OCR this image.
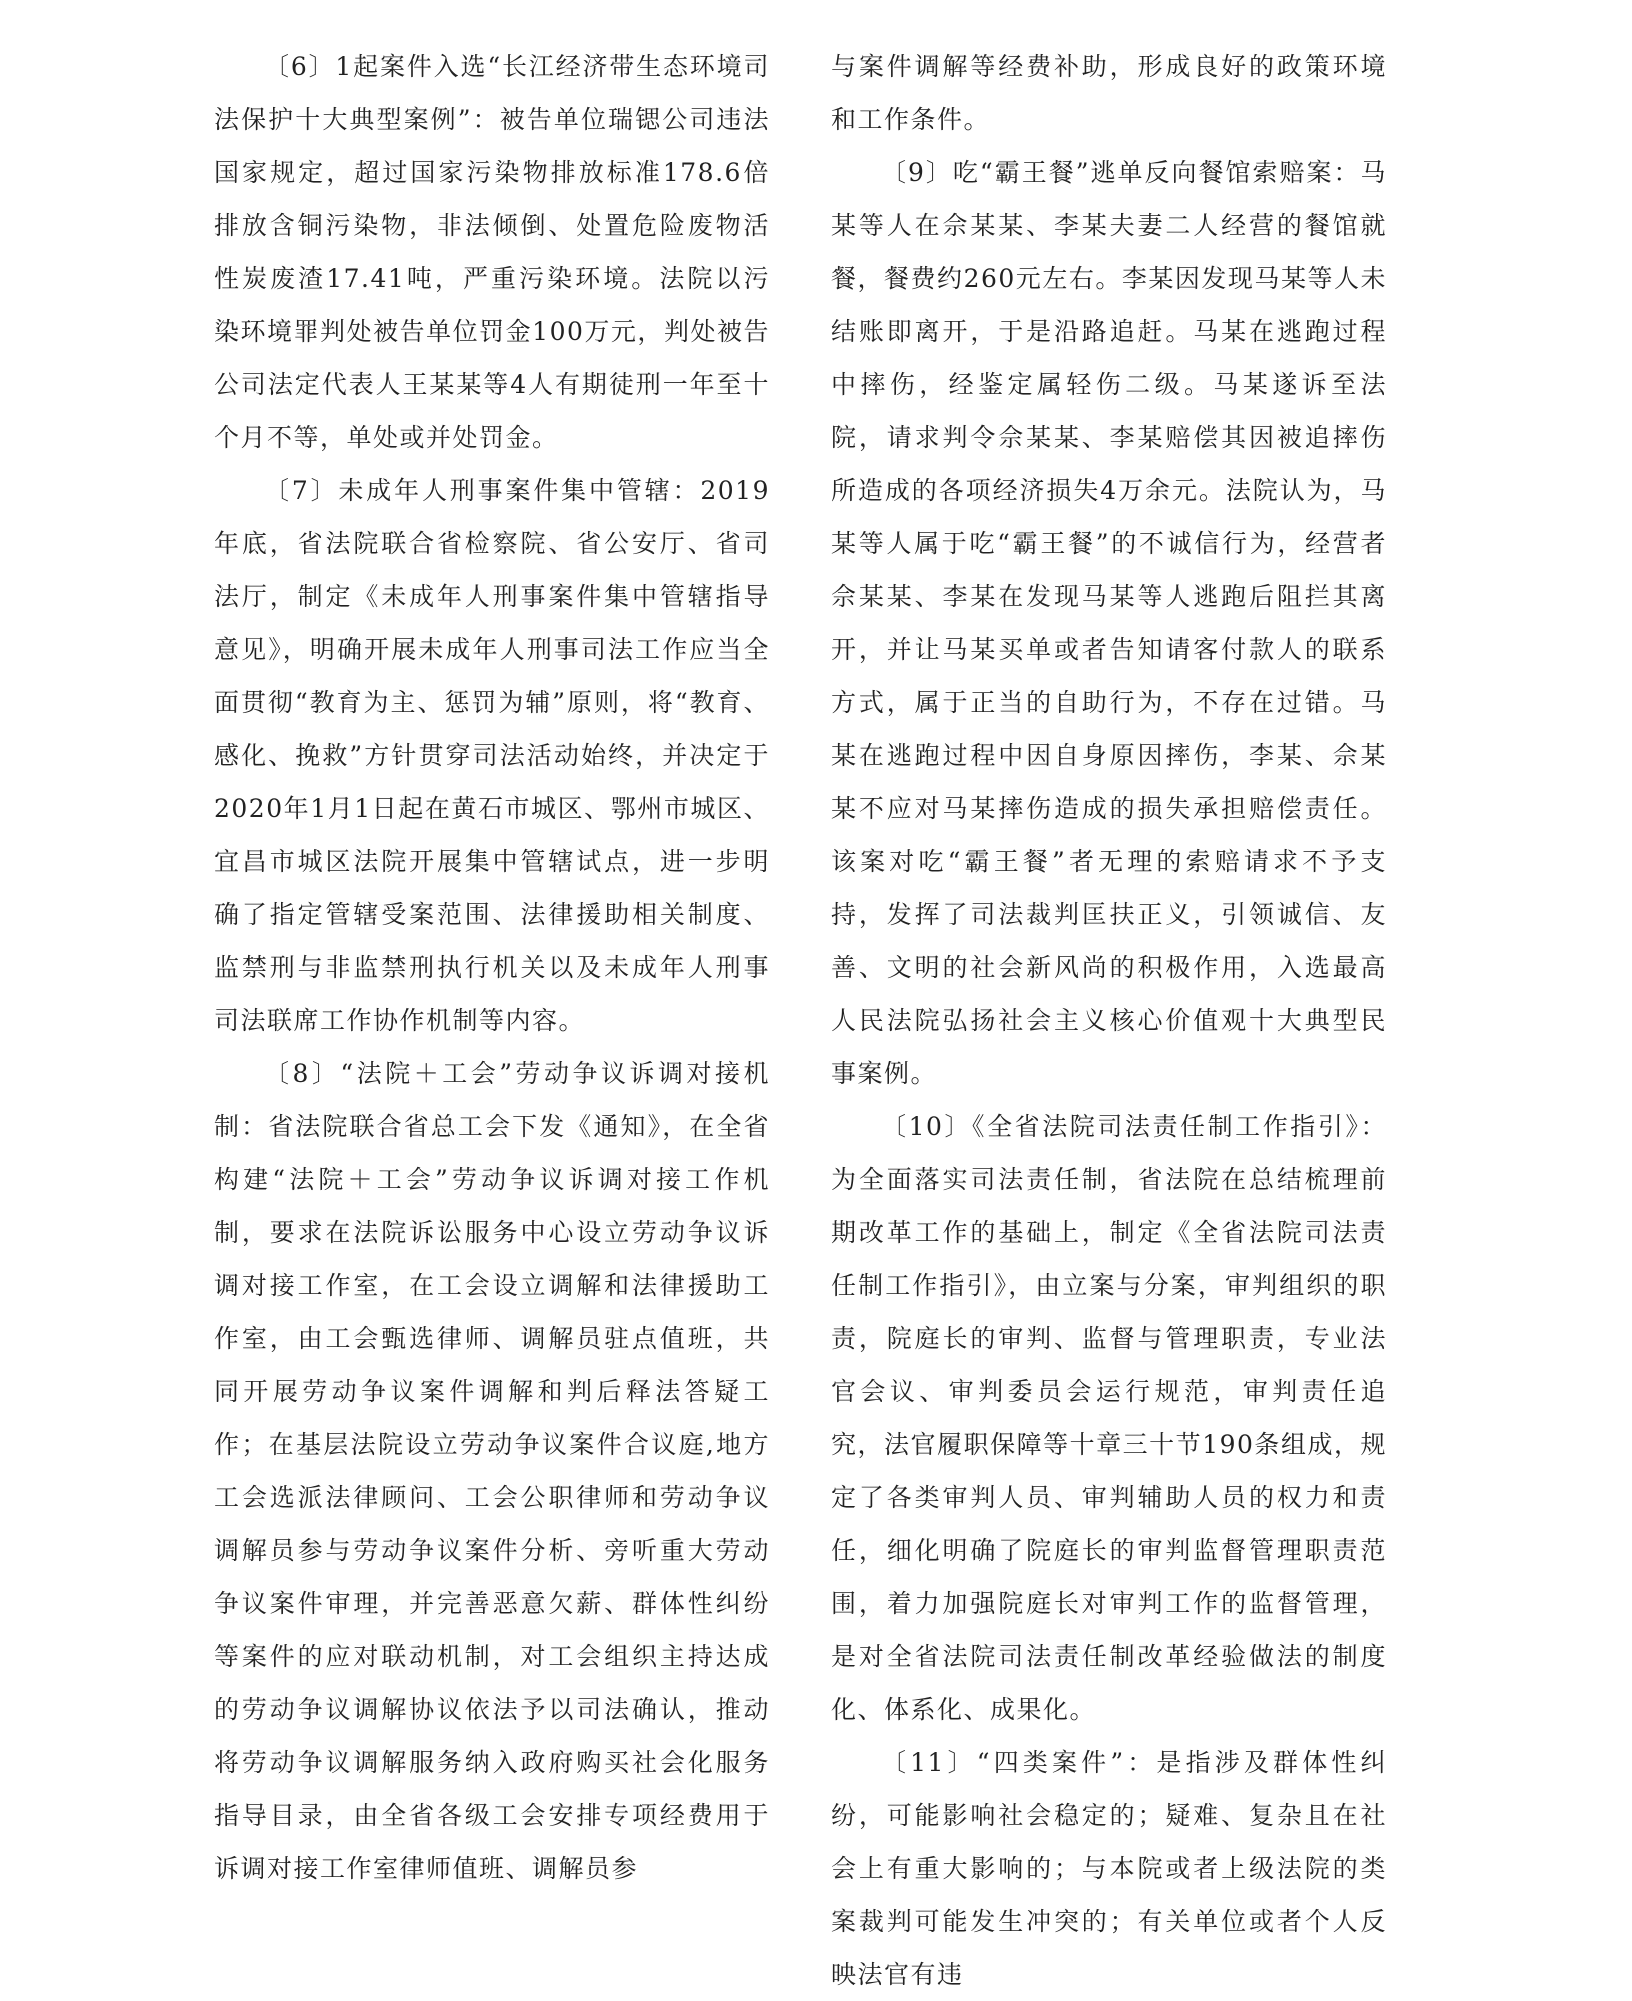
〔6〕1起案件入选“长江经济带生态环境司法保护十大典型案例”：被告单位瑞锶公司违法国家规定，超过国家污染物排放标准178.6倍排放含铜污染物，非法倾倒、处置危险废物活性炭废渣17.41吨，严重污染环境。法院以污染环境罪判处被告单位罚金100万元，判处被告公司法定代表人王某某等4人有期徒刑一年至十个月不等，单处或并处罚金。

〔7〕未成年人刑事案件集中管辖：2019年底，省法院联合省检察院、省公安厅、省司法厅，制定《未成年人刑事案件集中管辖指导意见》，明确开展未成年人刑事司法工作应当全面贯彻“教育为主、惩罚为辅”原则，将“教育、感化、挽救”方针贯穿司法活动始终，并决定于2020年1月1日起在黄石市城区、鄂州市城区、宜昌市城区法院开展集中管辖试点，进一步明确了指定管辖受案范围、法律援助相关制度、监禁刑与非监禁刑执行机关以及未成年人刑事司法联席工作协作机制等内容。

〔8〕“法院＋工会”劳动争议诉调对接机制：省法院联合省总工会下发《通知》，在全省构建“法院＋工会”劳动争议诉调对接工作机制，要求在法院诉讼服务中心设立劳动争议诉调对接工作室，在工会设立调解和法律援助工作室，由工会甄选律师、调解员驻点值班，共同开展劳动争议案件调解和判后释法答疑工作；在基层法院设立劳动争议案件合议庭,地方工会选派法律顾问、工会公职律师和劳动争议调解员参与劳动争议案件分析、旁听重大劳动争议案件审理，并完善恶意欠薪、群体性纠纷等案件的应对联动机制，对工会组织主持达成的劳动争议调解协议依法予以司法确认，推动将劳动争议调解服务纳入政府购买社会化服务指导目录，由全省各级工会安排专项经费用于诉调对接工作室律师值班、调解员参

与案件调解等经费补助，形成良好的政策环境和工作条件。

〔9〕吃“霸王餐”逃单反向餐馆索赔案：马某等人在佘某某、李某夫妻二人经营的餐馆就餐，餐费约260元左右。李某因发现马某等人未结账即离开，于是沿路追赶。马某在逃跑过程中摔伤，经鉴定属轻伤二级。马某遂诉至法院，请求判令佘某某、李某赔偿其因被追摔伤所造成的各项经济损失4万余元。法院认为，马某等人属于吃“霸王餐”的不诚信行为，经营者佘某某、李某在发现马某等人逃跑后阻拦其离开，并让马某买单或者告知请客付款人的联系方式，属于正当的自助行为，不存在过错。马某在逃跑过程中因自身原因摔伤，李某、佘某某不应对马某摔伤造成的损失承担赔偿责任。该案对吃“霸王餐”者无理的索赔请求不予支持，发挥了司法裁判匡扶正义，引领诚信、友善、文明的社会新风尚的积极作用，入选最高人民法院弘扬社会主义核心价值观十大典型民事案例。

〔10〕《全省法院司法责任制工作指引》：为全面落实司法责任制，省法院在总结梳理前期改革工作的基础上，制定《全省法院司法责任制工作指引》，由立案与分案，审判组织的职责，院庭长的审判、监督与管理职责，专业法官会议、审判委员会运行规范，审判责任追究，法官履职保障等十章三十节190条组成，规定了各类审判人员、审判辅助人员的权力和责任，细化明确了院庭长的审判监督管理职责范围，着力加强院庭长对审判工作的监督管理，是对全省法院司法责任制改革经验做法的制度化、体系化、成果化。

〔11〕“四类案件”：是指涉及群体性纠纷，可能影响社会稳定的；疑难、复杂且在社会上有重大影响的；与本院或者上级法院的类案裁判可能发生冲突的；有关单位或者个人反映法官有违
